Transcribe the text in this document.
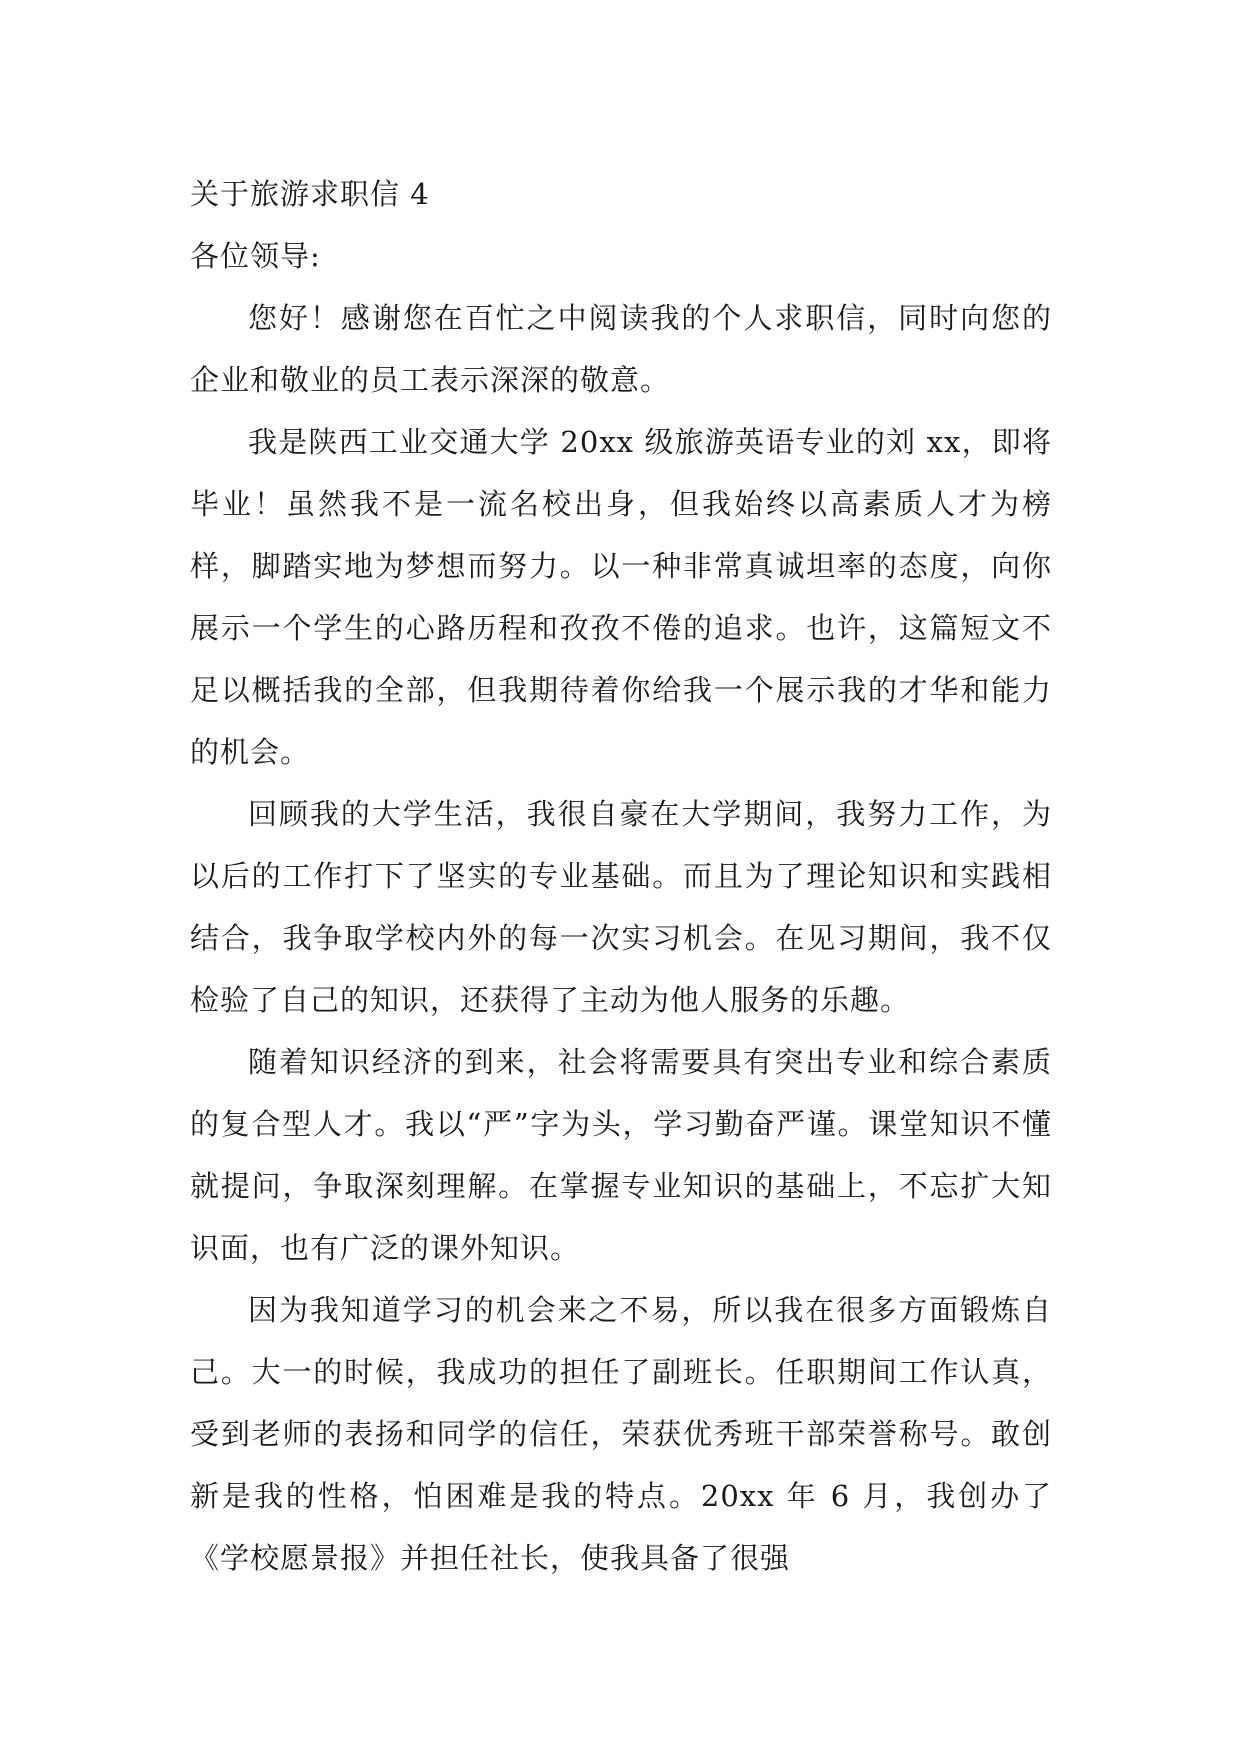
关于旅游求职信 4
各位领导:

您好！感谢您在百忙之中阅读我的个人求职信，同时向您的企业和敬业的员工表示深深的敬意。

我是陕西工业交通大学 20xx 级旅游英语专业的刘 xx，即将毕业！虽然我不是一流名校出身，但我始终以高素质人才为榜样，脚踏实地为梦想而努力。以一种非常真诚坦率的态度，向你展示一个学生的心路历程和孜孜不倦的追求。也许，这篇短文不足以概括我的全部，但我期待着你给我一个展示我的才华和能力的机会。

回顾我的大学生活，我很自豪在大学期间，我努力工作，为以后的工作打下了坚实的专业基础。而且为了理论知识和实践相结合，我争取学校内外的每一次实习机会。在见习期间，我不仅检验了自己的知识，还获得了主动为他人服务的乐趣。

随着知识经济的到来，社会将需要具有突出专业和综合素质的复合型人才。我以“严”字为头，学习勤奋严谨。课堂知识不懂就提问，争取深刻理解。在掌握专业知识的基础上，不忘扩大知识面，也有广泛的课外知识。

因为我知道学习的机会来之不易，所以我在很多方面锻炼自己。大一的时候，我成功的担任了副班长。任职期间工作认真，受到老师的表扬和同学的信任，荣获优秀班干部荣誉称号。敢创新是我的性格，怕困难是我的特点。20xx 年 6 月，我创办了《学校愿景报》并担任社长，使我具备了很强
